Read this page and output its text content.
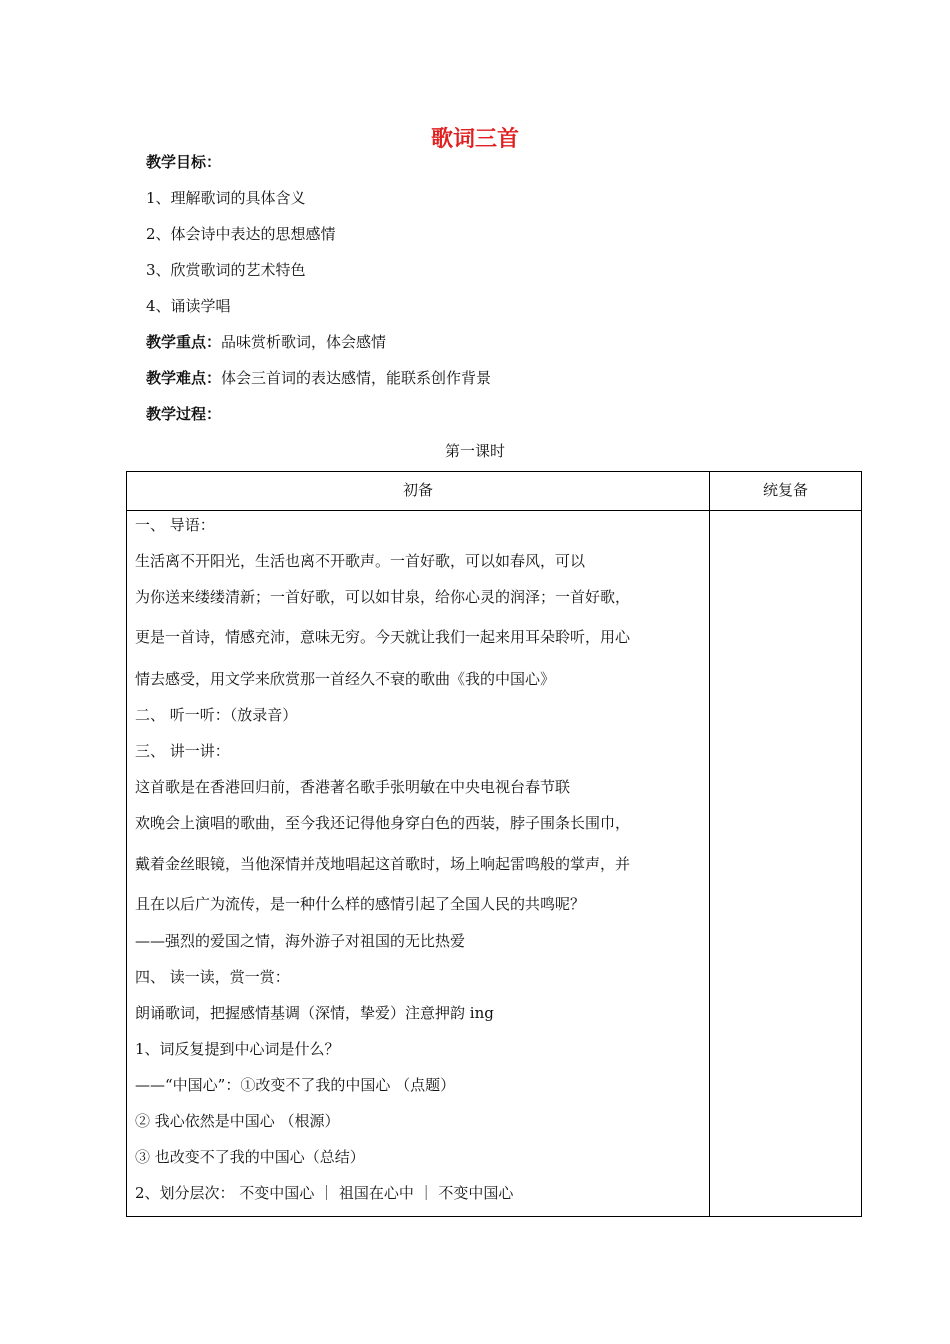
歌词三首
教学目标：
1、理解歌词的具体含义
2、体会诗中表达的思想感情
3、欣赏歌词的艺术特色
4、诵读学唱
教学重点：品味赏析歌词，体会感情
教学难点：体会三首词的表达感情，能联系创作背景
教学过程：
第一课时
初备	统复备
一、 导语：
生活离不开阳光，生活也离不开歌声。一首好歌，可以如春风，可以
为你送来缕缕清新；一首好歌，可以如甘泉，给你心灵的润泽；一首好歌，
更是一首诗，情感充沛，意味无穷。今天就让我们一起来用耳朵聆听，用心
情去感受，用文学来欣赏那一首经久不衰的歌曲《我的中国心》
二、 听一听：（放录音）
三、 讲一讲：
这首歌是在香港回归前，香港著名歌手张明敏在中央电视台春节联
欢晚会上演唱的歌曲，至今我还记得他身穿白色的西装，脖子围条长围巾，
戴着金丝眼镜，当他深情并茂地唱起这首歌时，场上响起雷鸣般的掌声，并
且在以后广为流传，是一种什么样的感情引起了全国人民的共鸣呢？
——强烈的爱国之情，海外游子对祖国的无比热爱
四、 读一读，赏一赏：
朗诵歌词，把握感情基调（深情，挚爱）注意押韵 ing
1、词反复提到中心词是什么？
——“中国心”：①改变不了我的中国心 （点题）
② 我心依然是中国心 （根源）
③ 也改变不了我的中国心（总结）
2、划分层次： 不变中国心 ｜ 祖国在心中 ｜ 不变中国心
